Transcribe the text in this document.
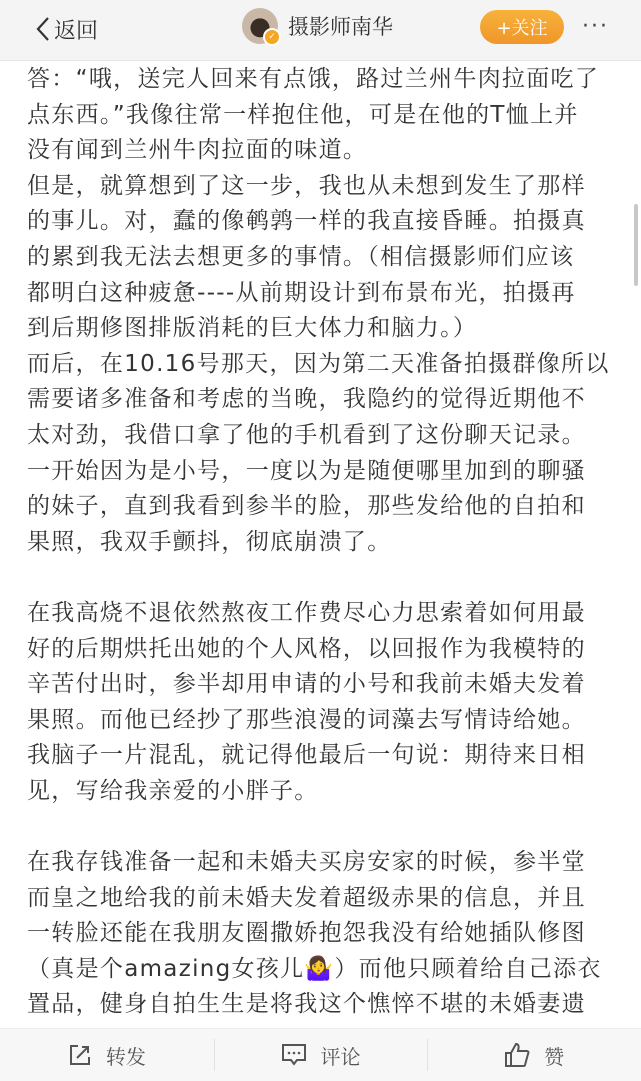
返回	✓ 摄影师南华	+关注	···
答：“哦，送完人回来有点饿，路过兰州牛肉拉面吃了
点东西。”我像往常一样抱住他，可是在他的T恤上并
没有闻到兰州牛肉拉面的味道。
但是，就算想到了这一步，我也从未想到发生了那样
的事儿。对，蠢的像鹌鹑一样的我直接昏睡。拍摄真
的累到我无法去想更多的事情。（相信摄影师们应该
都明白这种疲惫----从前期设计到布景布光，拍摄再
到后期修图排版消耗的巨大体力和脑力。）
而后，在10.16号那天，因为第二天准备拍摄群像所以
需要诸多准备和考虑的当晚，我隐约的觉得近期他不
太对劲，我借口拿了他的手机看到了这份聊天记录。
一开始因为是小号，一度以为是随便哪里加到的聊骚
的妹子，直到我看到参半的脸，那些发给他的自拍和
果照，我双手颤抖，彻底崩溃了。
在我高烧不退依然熬夜工作费尽心力思索着如何用最
好的后期烘托出她的个人风格，以回报作为我模特的
辛苦付出时，参半却用申请的小号和我前未婚夫发着
果照。而他已经抄了那些浪漫的词藻去写情诗给她。
我脑子一片混乱，就记得他最后一句说：期待来日相
见，写给我亲爱的小胖子。
在我存钱准备一起和未婚夫买房安家的时候，参半堂
而皇之地给我的前未婚夫发着超级赤果的信息，并且
一转脸还能在我朋友圈撒娇抱怨我没有给她插队修图
（真是个amazing女孩儿🤷‍♀️）而他只顾着给自己添衣
置品，健身自拍生生是将我这个憔悴不堪的未婚妻遗
转发	评论	赞
